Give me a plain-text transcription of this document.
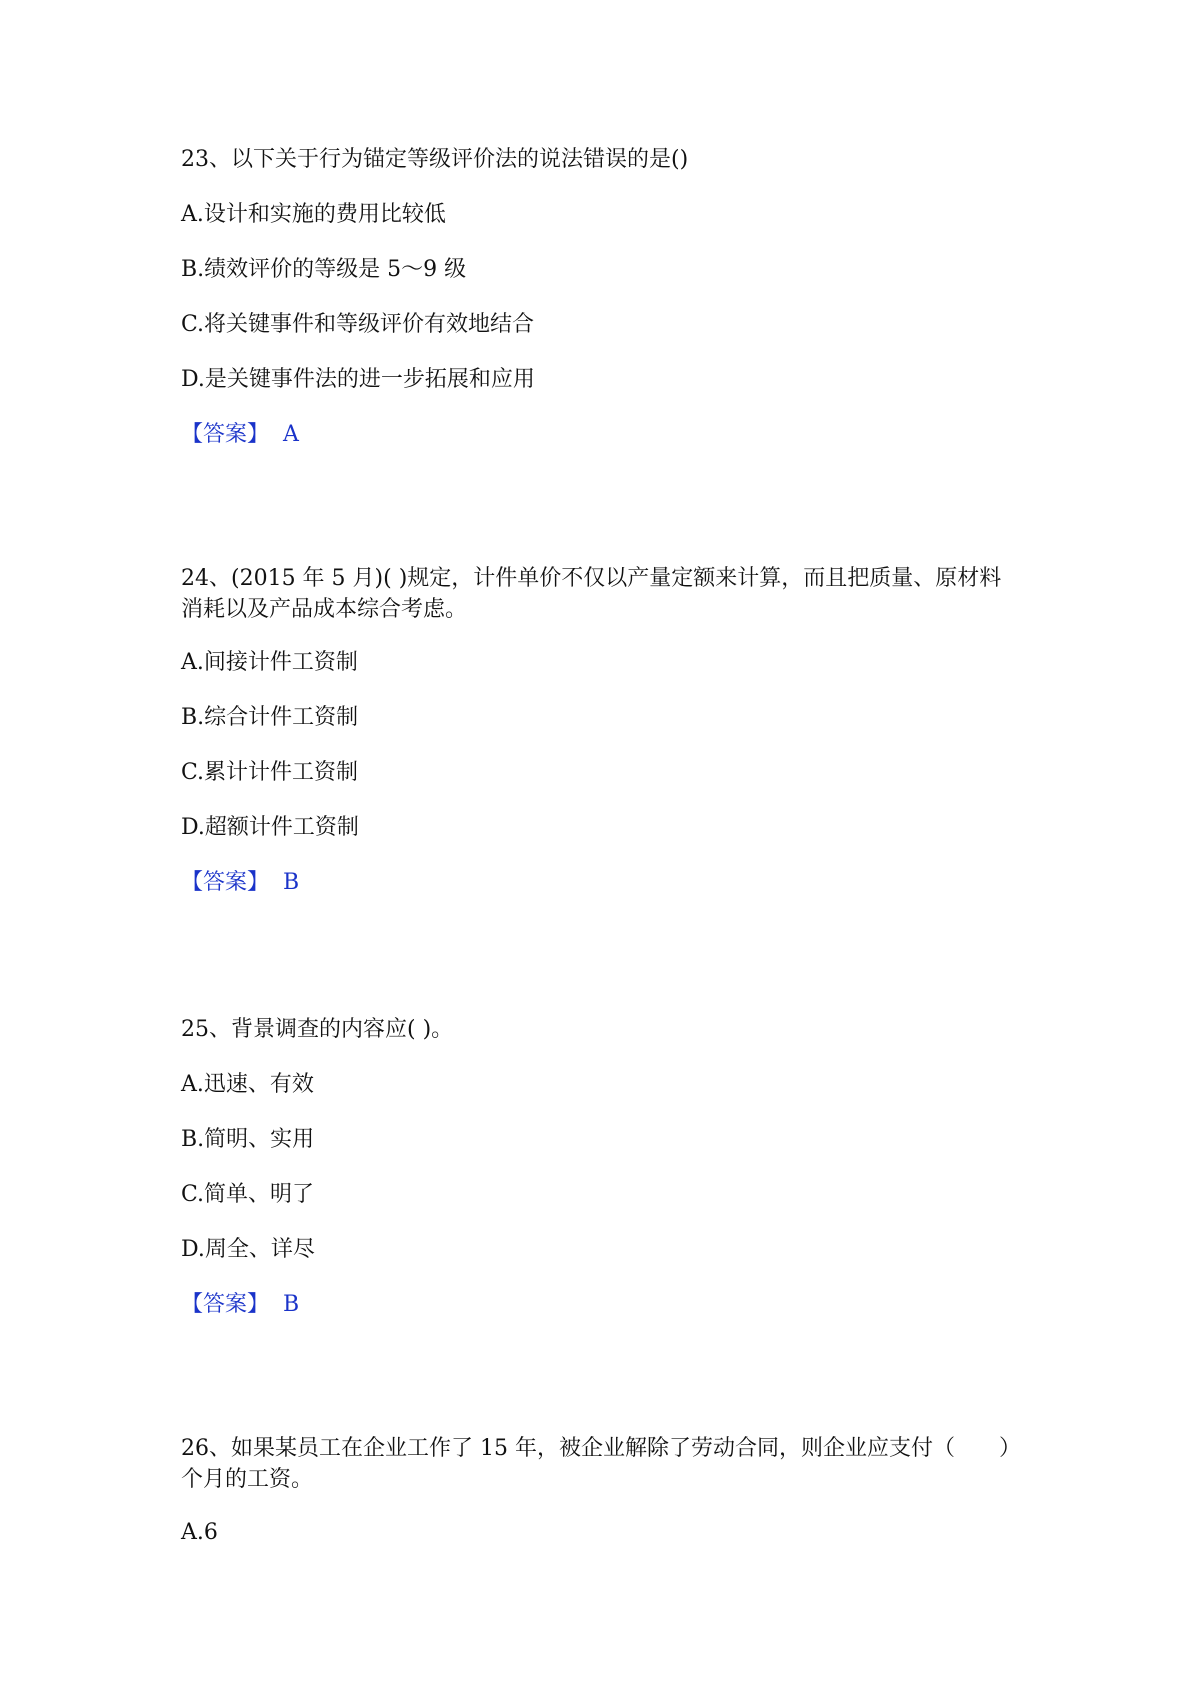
23、以下关于行为锚定等级评价法的说法错误的是()

A.设计和实施的费用比较低

B.绩效评价的等级是 5～9 级

C.将关键事件和等级评价有效地结合

D.是关键事件法的进一步拓展和应用

【答案】 A

24、(2015 年 5 月)( )规定，计件单价不仅以产量定额来计算，而且把质量、原材料消耗以及产品成本综合考虑。

A.间接计件工资制

B.综合计件工资制

C.累计计件工资制

D.超额计件工资制

【答案】 B

25、背景调查的内容应( )。

A.迅速、有效

B.简明、实用

C.简单、明了

D.周全、详尽

【答案】 B

26、如果某员工在企业工作了 15 年，被企业解除了劳动合同，则企业应支付（　　）个月的工资。

A.6
